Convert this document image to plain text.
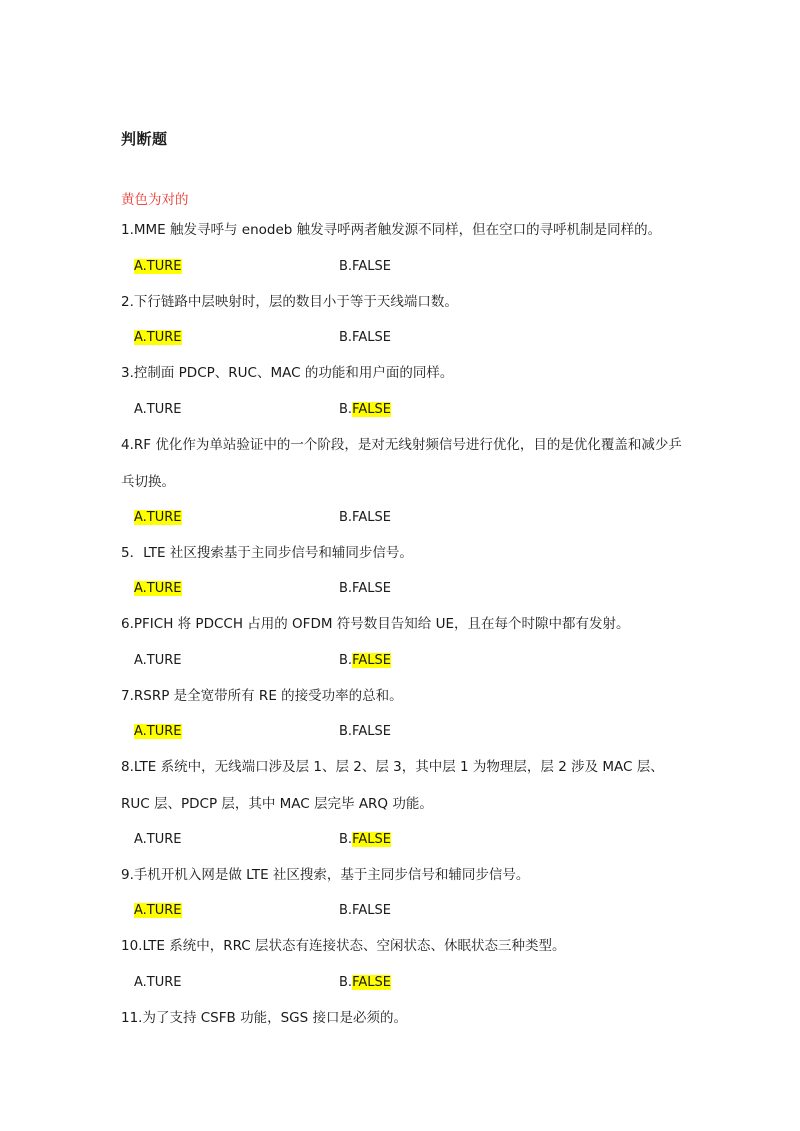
判断题
黄色为对的
1.MME 触发寻呼与 enodeb 触发寻呼两者触发源不同样，但在空口的寻呼机制是同样的。
A.TURE	B.FALSE
2.下行链路中层映射时，层的数目小于等于天线端口数。
A.TURE	B.FALSE
3.控制面 PDCP、RUC、MAC 的功能和用户面的同样。
A.TURE	B.FALSE
4.RF 优化作为单站验证中的一个阶段，是对无线射频信号进行优化，目的是优化覆盖和减少乒乓切换。
A.TURE	B.FALSE
5．LTE 社区搜索基于主同步信号和辅同步信号。
A.TURE	B.FALSE
6.PFICH 将 PDCCH 占用的 OFDM 符号数目告知给 UE，且在每个时隙中都有发射。
A.TURE	B.FALSE
7.RSRP 是全宽带所有 RE 的接受功率的总和。
A.TURE	B.FALSE
8.LTE 系统中，无线端口涉及层 1、层 2、层 3，其中层 1 为物理层，层 2 涉及 MAC 层、RUC 层、PDCP 层，其中 MAC 层完毕 ARQ 功能。
A.TURE	B.FALSE
9.手机开机入网是做 LTE 社区搜索，基于主同步信号和辅同步信号。
A.TURE	B.FALSE
10.LTE 系统中，RRC 层状态有连接状态、空闲状态、休眠状态三种类型。
A.TURE	B.FALSE
11.为了支持 CSFB 功能，SGS 接口是必须的。
